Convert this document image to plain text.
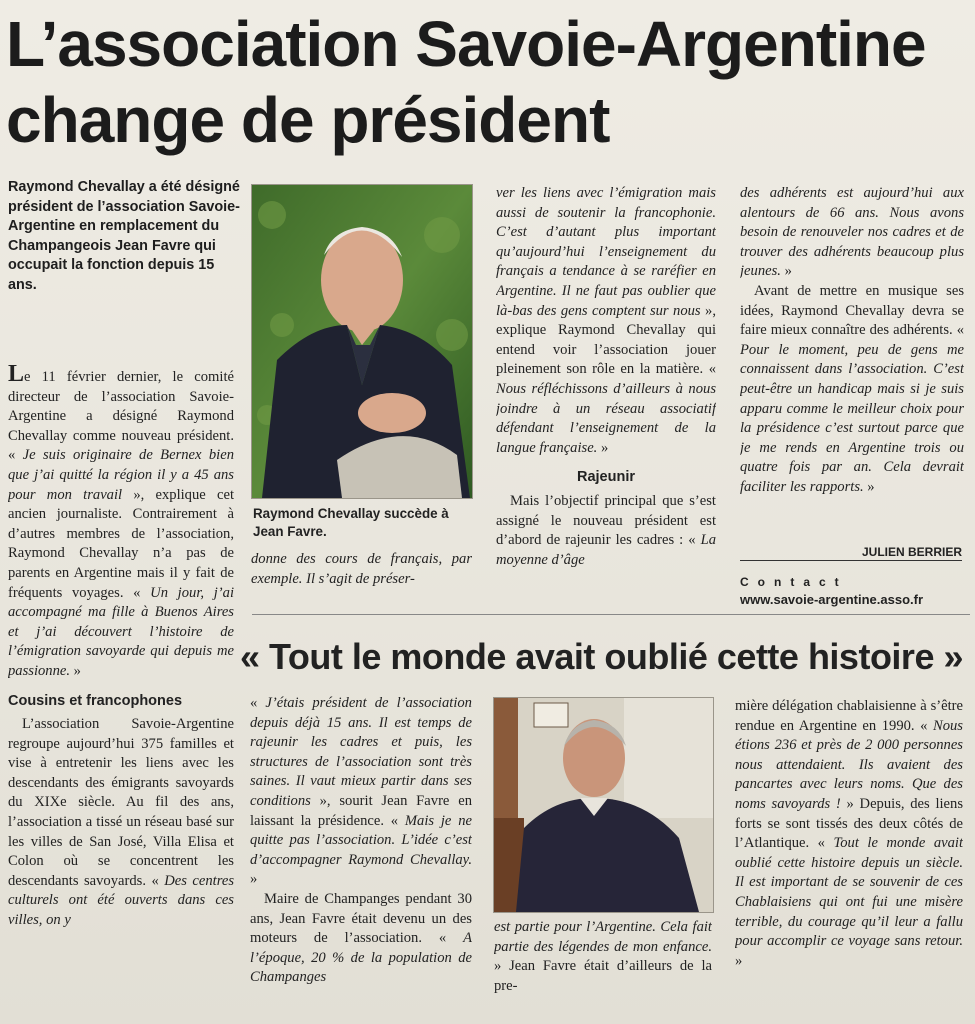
L’association Savoie-Argentine change de président
Raymond Chevallay a été désigné président de l’association Savoie-Argentine en remplacement du Champangeois Jean Favre qui occupait la fonction depuis 15 ans.

Le 11 février dernier, le comité directeur de l’association Savoie-Argentine a désigné Raymond Chevallay comme nouveau président. « Je suis originaire de Bernex bien que j’ai quitté la région il y a 45 ans pour mon travail », explique cet ancien journaliste. Contrairement à d’autres membres de l’association, Raymond Chevallay n’a pas de parents en Argentine mais il y fait de fréquents voyages. « Un jour, j’ai accompagné ma fille à Buenos Aires et j’ai découvert l’histoire de l’émigration savoyarde qui depuis me passionne. »

Cousins et francophones

L’association Savoie-Argentine regroupe aujourd’hui 375 familles et vise à entretenir les liens avec les descendants des émigrants savoyards du XIXe siècle. Au fil des ans, l’association a tissé un réseau basé sur les villes de San José, Villa Elisa et Colon où se concentrent les descendants savoyards. « Des centres culturels ont été ouverts dans ces villes, on y

Raymond Chevallay succède à Jean Favre.

donne des cours de français, par exemple. Il s’agit de préser-

ver les liens avec l’émigration mais aussi de soutenir la francophonie. C’est d’autant plus important qu’aujourd’hui l’enseignement du français a tendance à se raréfier en Argentine. Il ne faut pas oublier que là-bas des gens comptent sur nous », explique Raymond Chevallay qui entend voir l’association jouer pleinement son rôle en la matière. « Nous réfléchissons d’ailleurs à nous joindre à un réseau associatif défendant l’enseignement de la langue française. »

Rajeunir

Mais l’objectif principal que s’est assigné le nouveau président est d’abord de rajeunir les cadres : « La moyenne d’âge

des adhérents est aujourd’hui aux alentours de 66 ans. Nous avons besoin de renouveler nos cadres et de trouver des adhérents beaucoup plus jeunes. »

Avant de mettre en musique ses idées, Raymond Chevallay devra se faire mieux connaître des adhérents. « Pour le moment, peu de gens me connaissent dans l’association. C’est peut-être un handicap mais si je suis apparu comme le meilleur choix pour la présidence c’est surtout parce que je me rends en Argentine trois ou quatre fois par an. Cela devrait faciliter les rapports. »

JULIEN BERRIER
Contact
www.savoie-argentine.asso.fr
« Tout le monde avait oublié cette histoire »

« J’étais président de l’association depuis déjà 15 ans. Il est temps de rajeunir les cadres et puis, les structures de l’association sont très saines. Il vaut mieux partir dans ses conditions », sourit Jean Favre en laissant la présidence. « Mais je ne quitte pas l’association. L’idée c’est d’accompagner Raymond Chevallay. »

Maire de Champanges pendant 30 ans, Jean Favre était devenu un des moteurs de l’association. « A l’époque, 20 % de la population de Champanges

est partie pour l’Argentine. Cela fait partie des légendes de mon enfance. » Jean Favre était d’ailleurs de la pre-

mière délégation chablaisienne à s’être rendue en Argentine en 1990. « Nous étions 236 et près de 2 000 personnes nous attendaient. Ils avaient des pancartes avec leurs noms. Que des noms savoyards ! » Depuis, des liens forts se sont tissés des deux côtés de l’Atlantique. « Tout le monde avait oublié cette histoire depuis un siècle. Il est important de se souvenir de ces Chablaisiens qui ont fui une misère terrible, du courage qu’il leur a fallu pour accomplir ce voyage sans retour. »
